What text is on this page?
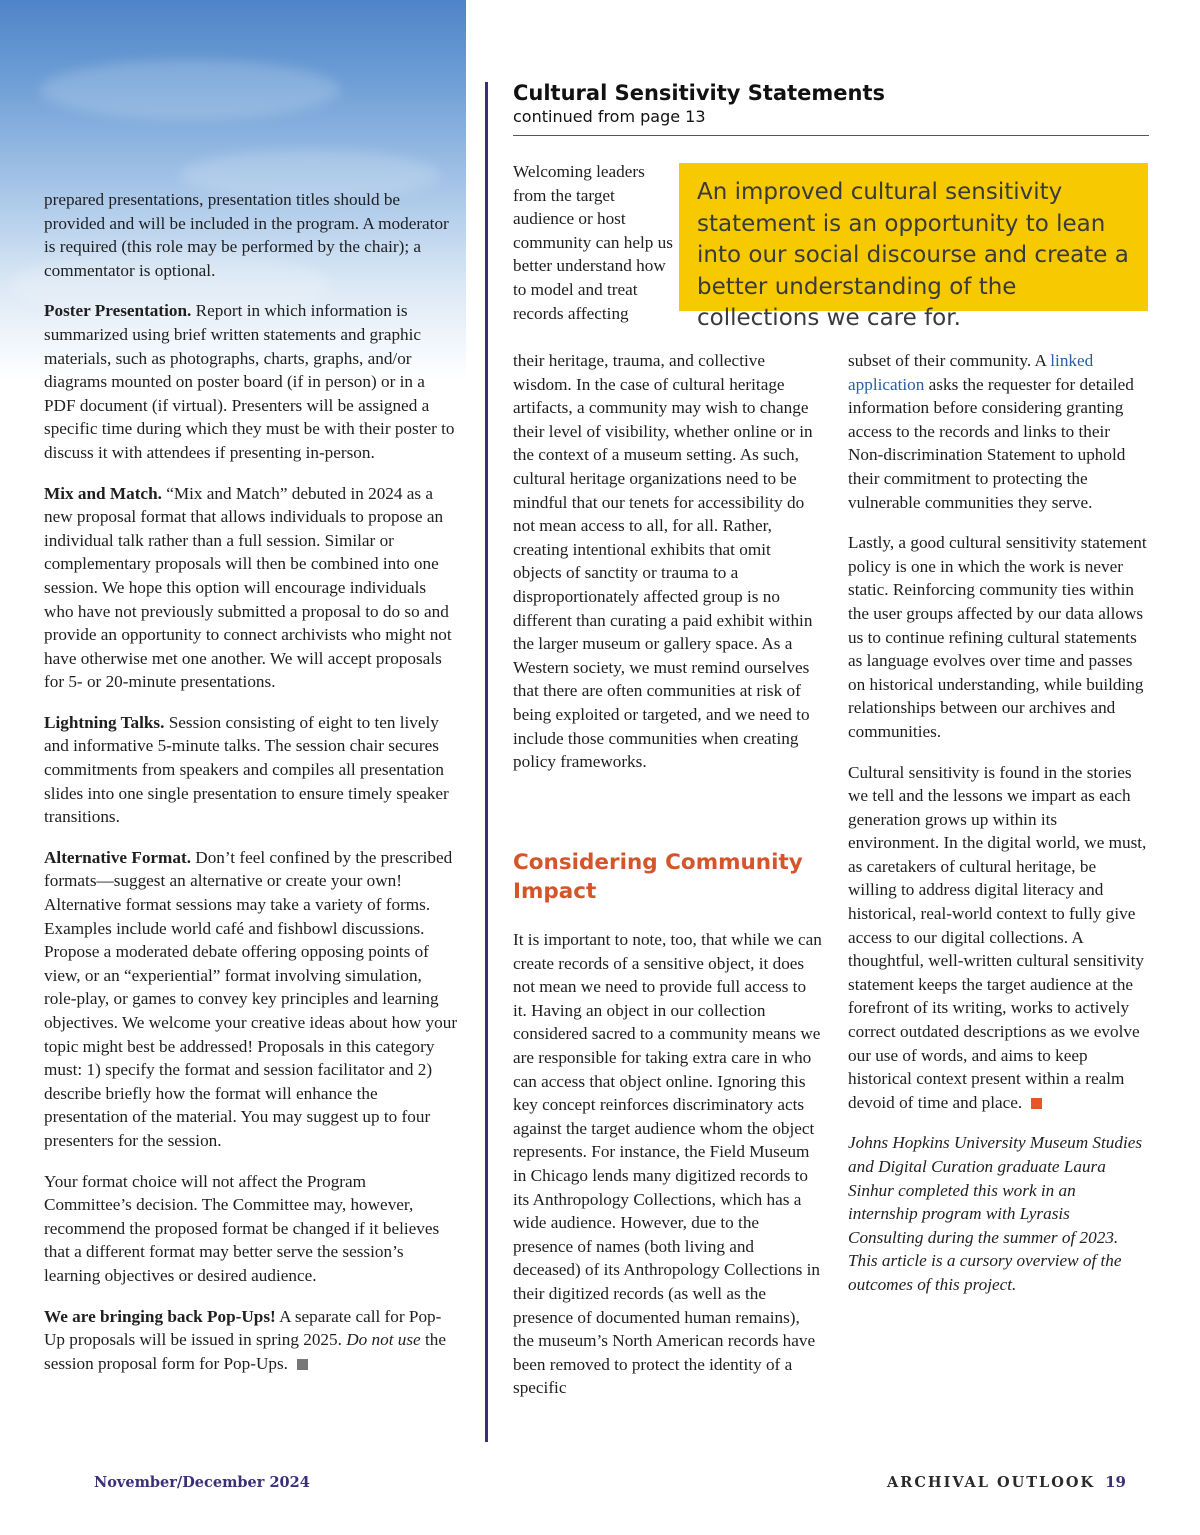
prepared presentations, presentation titles should be provided and will be included in the program. A moderator is required (this role may be performed by the chair); a commentator is optional.

Poster Presentation. Report in which information is summarized using brief written statements and graphic materials, such as photographs, charts, graphs, and/or diagrams mounted on poster board (if in person) or in a PDF document (if virtual). Presenters will be assigned a specific time during which they must be with their poster to discuss it with attendees if presenting in-person.

Mix and Match. “Mix and Match” debuted in 2024 as a new proposal format that allows individuals to propose an individual talk rather than a full session. Similar or complementary proposals will then be combined into one session. We hope this option will encourage individuals who have not previously submitted a proposal to do so and provide an opportunity to connect archivists who might not have otherwise met one another. We will accept proposals for 5- or 20-minute presentations.

Lightning Talks. Session consisting of eight to ten lively and informative 5-minute talks. The session chair secures commitments from speakers and compiles all presentation slides into one single presentation to ensure timely speaker transitions.

Alternative Format. Don’t feel confined by the prescribed formats—suggest an alternative or create your own! Alternative format sessions may take a variety of forms. Examples include world café and fishbowl discussions. Propose a moderated debate offering opposing points of view, or an “experiential” format involving simulation, role-play, or games to convey key principles and learning objectives. We welcome your creative ideas about how your topic might best be addressed! Proposals in this category must: 1) specify the format and session facilitator and 2) describe briefly how the format will enhance the presentation of the material. You may suggest up to four presenters for the session.

Your format choice will not affect the Program Committee’s decision. The Committee may, however, recommend the proposed format be changed if it believes that a different format may better serve the session’s learning objectives or desired audience.

We are bringing back Pop-Ups! A separate call for Pop-Up proposals will be issued in spring 2025. Do not use the session proposal form for Pop-Ups.

Cultural Sensitivity Statements
continued from page 13
An improved cultural sensitivity statement is an opportunity to lean into our social discourse and create a better understanding of the collections we care for.
Welcoming leaders from the target audience or host community can help us better understand how to model and treat records affecting
their heritage, trauma, and collective wisdom. In the case of cultural heritage artifacts, a community may wish to change their level of visibility, whether online or in the context of a museum setting. As such, cultural heritage organizations need to be mindful that our tenets for accessibility do not mean access to all, for all. Rather, creating intentional exhibits that omit objects of sanctity or trauma to a disproportionately affected group is no different than curating a paid exhibit within the larger museum or gallery space. As a Western society, we must remind ourselves that there are often communities at risk of being exploited or targeted, and we need to include those communities when creating policy frameworks.
Considering Community Impact
It is important to note, too, that while we can create records of a sensitive object, it does not mean we need to provide full access to it. Having an object in our collection considered sacred to a community means we are responsible for taking extra care in who can access that object online. Ignoring this key concept reinforces discriminatory acts against the target audience whom the object represents. For instance, the Field Museum in Chicago lends many digitized records to its Anthropology Collections, which has a wide audience. However, due to the presence of names (both living and deceased) of its Anthropology Collections in their digitized records (as well as the presence of documented human remains), the museum’s North American records have been removed to protect the identity of a specific

subset of their community. A linked application asks the requester for detailed information before considering granting access to the records and links to their Non-discrimination Statement to uphold their commitment to protecting the vulnerable communities they serve.

Lastly, a good cultural sensitivity statement policy is one in which the work is never static. Reinforcing community ties within the user groups affected by our data allows us to continue refining cultural statements as language evolves over time and passes on historical understanding, while building relationships between our archives and communities.

Cultural sensitivity is found in the stories we tell and the lessons we impart as each generation grows up within its environment. In the digital world, we must, as caretakers of cultural heritage, be willing to address digital literacy and historical, real-world context to fully give access to our digital collections. A thoughtful, well-written cultural sensitivity statement keeps the target audience at the forefront of its writing, works to actively correct outdated descriptions as we evolve our use of words, and aims to keep historical context present within a realm devoid of time and place.

Johns Hopkins University Museum Studies and Digital Curation graduate Laura Sinhur completed this work in an internship program with Lyrasis Consulting during the summer of 2023. This article is a cursory overview of the outcomes of this project.

November/December 2024	ARCHIVAL OUTLOOK 19
